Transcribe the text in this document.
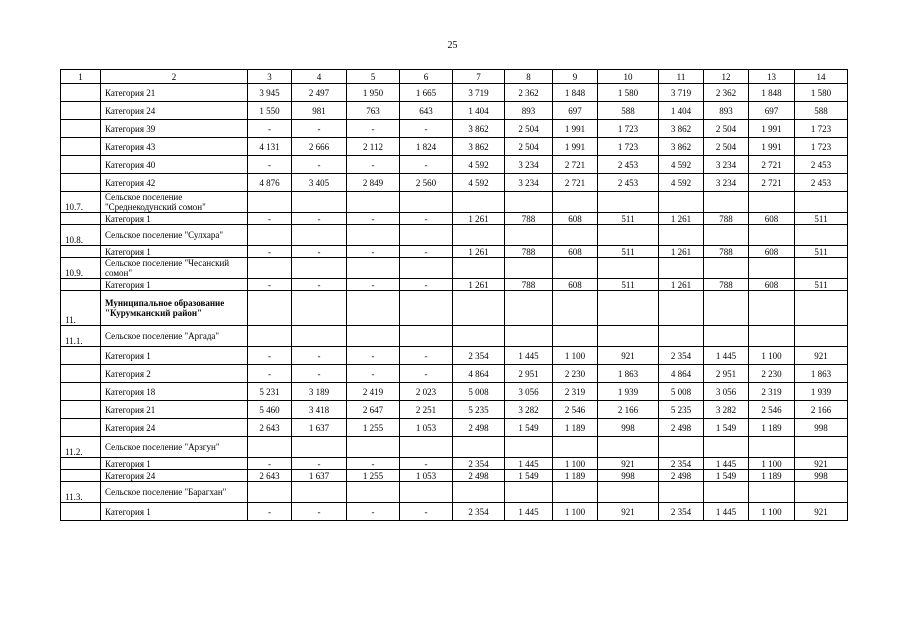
25
1	2	3	4	5	6	7	8	9	10	11	12	13	14
	Категория 21	3 945	2 497	1 950	1 665	3 719	2 362	1 848	1 580	3 719	2 362	1 848	1 580
	Категория 24	1 550	981	763	643	1 404	893	697	588	1 404	893	697	588
	Категория 39	-	-	-	-	3 862	2 504	1 991	1 723	3 862	2 504	1 991	1 723
	Категория 43	4 131	2 666	2 112	1 824	3 862	2 504	1 991	1 723	3 862	2 504	1 991	1 723
	Категория 40	-	-	-	-	4 592	3 234	2 721	2 453	4 592	3 234	2 721	2 453
	Категория 42	4 876	3 405	2 849	2 560	4 592	3 234	2 721	2 453	4 592	3 234	2 721	2 453
10.7.	Сельское поселение "Среднекодунский сомон"												
	Категория 1	-	-	-	-	1 261	788	608	511	1 261	788	608	511
10.8.	Сельское поселение "Сулхара"												
	Категория 1	-	-	-	-	1 261	788	608	511	1 261	788	608	511
10.9.	Сельское поселение "Чесанский сомон"												
	Категория 1	-	-	-	-	1 261	788	608	511	1 261	788	608	511
11.	Муниципальное образование "Курумканский район"												
11.1.	Сельское поселение "Аргада"												
	Категория 1	-	-	-	-	2 354	1 445	1 100	921	2 354	1 445	1 100	921
	Категория 2	-	-	-	-	4 864	2 951	2 230	1 863	4 864	2 951	2 230	1 863
	Категория 18	5 231	3 189	2 419	2 023	5 008	3 056	2 319	1 939	5 008	3 056	2 319	1 939
	Категория 21	5 460	3 418	2 647	2 251	5 235	3 282	2 546	2 166	5 235	3 282	2 546	2 166
	Категория 24	2 643	1 637	1 255	1 053	2 498	1 549	1 189	998	2 498	1 549	1 189	998
11.2.	Сельское поселение "Арзгун"												
	Категория 1	-	-	-	-	2 354	1 445	1 100	921	2 354	1 445	1 100	921
	Категория 24	2 643	1 637	1 255	1 053	2 498	1 549	1 189	998	2 498	1 549	1 189	998
11.3.	Сельское поселение "Барагхан"												
	Категория 1	-	-	-	-	2 354	1 445	1 100	921	2 354	1 445	1 100	921
